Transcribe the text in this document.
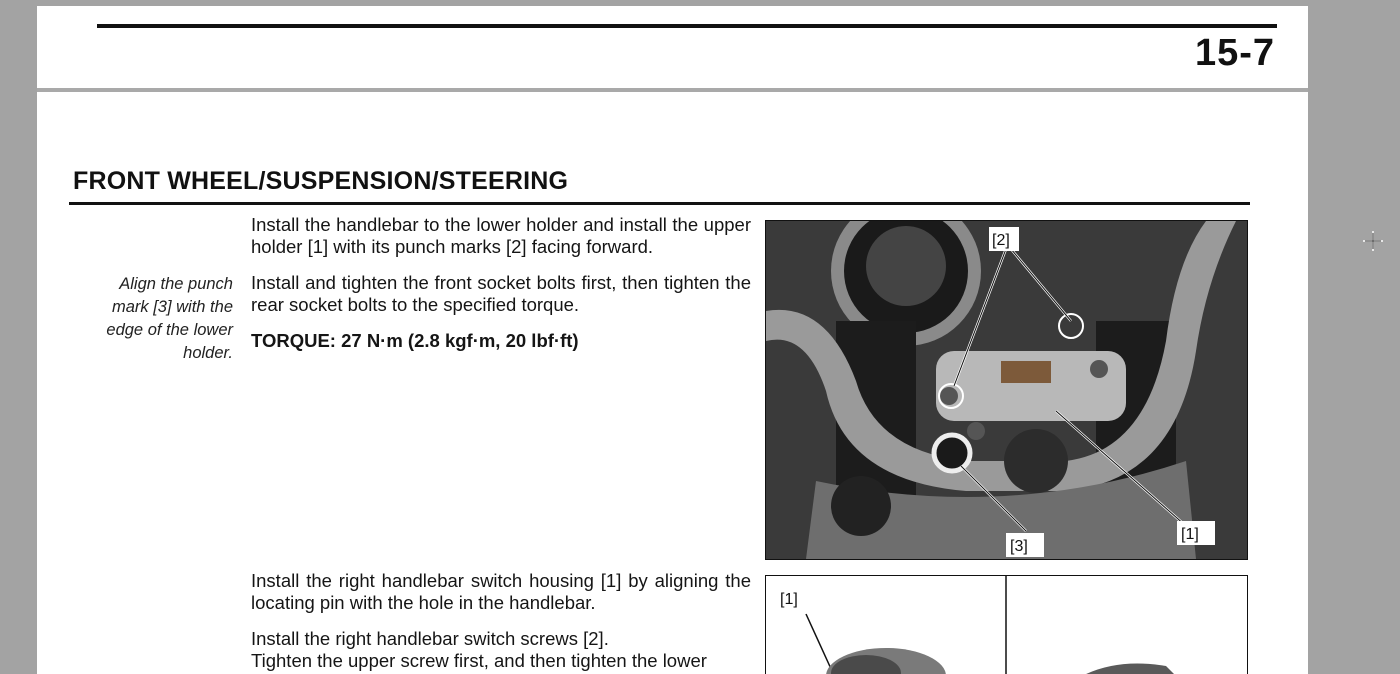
15-7
FRONT WHEEL/SUSPENSION/STEERING
Align the punch
mark [3] with the
edge of the lower
holder.

Install the handlebar to the lower holder and install the upper holder [1] with its punch marks [2] facing forward.

Install and tighten the front socket bolts first, then tighten the rear socket bolts to the specified torque.

TORQUE: 27 N·m (2.8 kgf·m, 20 lbf·ft)

Install the right handlebar switch housing [1] by aligning the locating pin with the hole in the handlebar.

Install the right handlebar switch screws [2].
Tighten the upper screw first, and then tighten the lower

[2]
[1]
[3]
[1]
